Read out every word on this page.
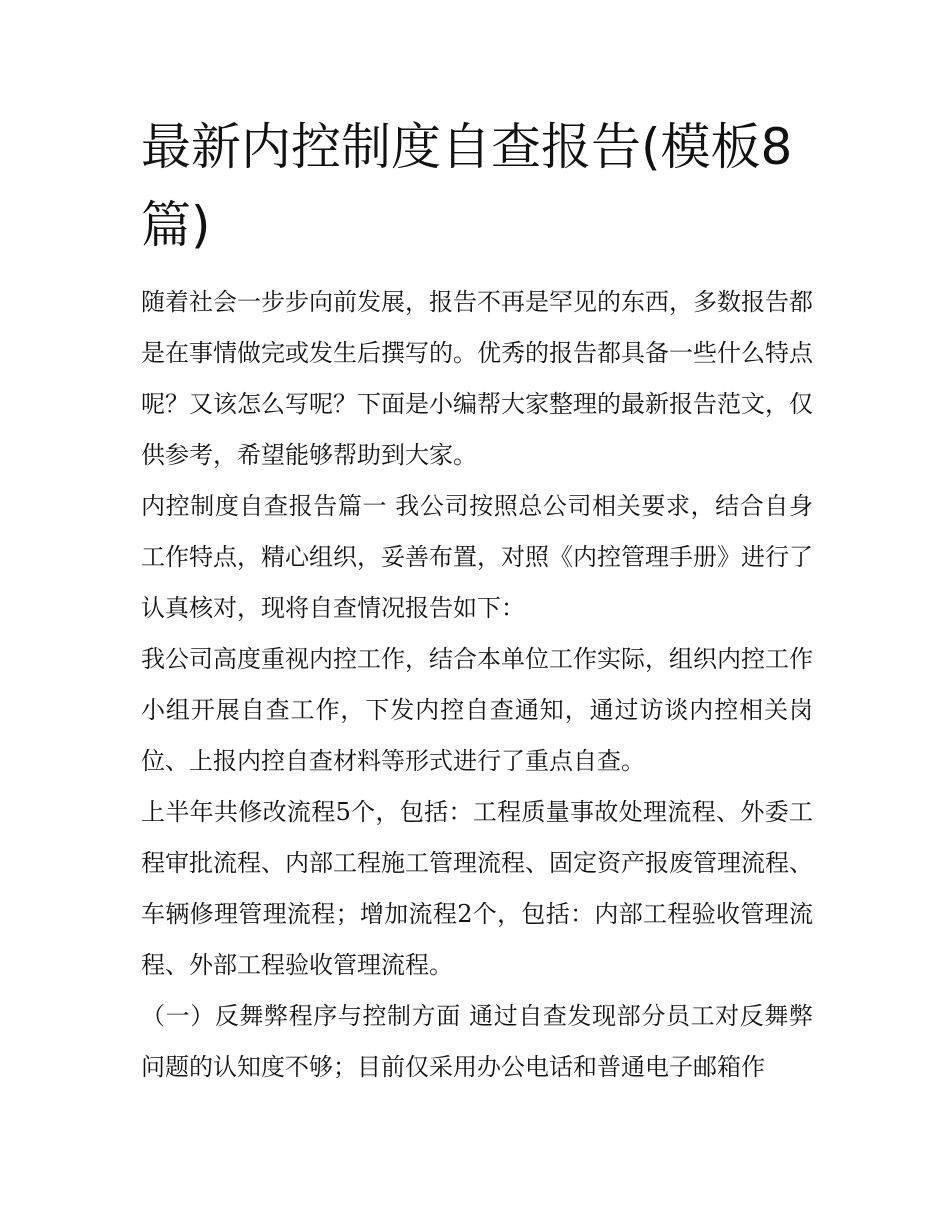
最新内控制度自查报告(模板8篇)

随着社会一步步向前发展，报告不再是罕见的东西，多数报告都是在事情做完或发生后撰写的。优秀的报告都具备一些什么特点呢？又该怎么写呢？下面是小编帮大家整理的最新报告范文，仅供参考，希望能够帮助到大家。

内控制度自查报告篇一 我公司按照总公司相关要求，结合自身工作特点，精心组织，妥善布置，对照《内控管理手册》进行了认真核对，现将自查情况报告如下：

我公司高度重视内控工作，结合本单位工作实际，组织内控工作小组开展自查工作，下发内控自查通知，通过访谈内控相关岗位、上报内控自查材料等形式进行了重点自查。

上半年共修改流程5个，包括：工程质量事故处理流程、外委工程审批流程、内部工程施工管理流程、固定资产报废管理流程、车辆修理管理流程；增加流程2个，包括：内部工程验收管理流程、外部工程验收管理流程。

（一）反舞弊程序与控制方面 通过自查发现部分员工对反舞弊问题的认知度不够；目前仅采用办公电话和普通电子邮箱作
